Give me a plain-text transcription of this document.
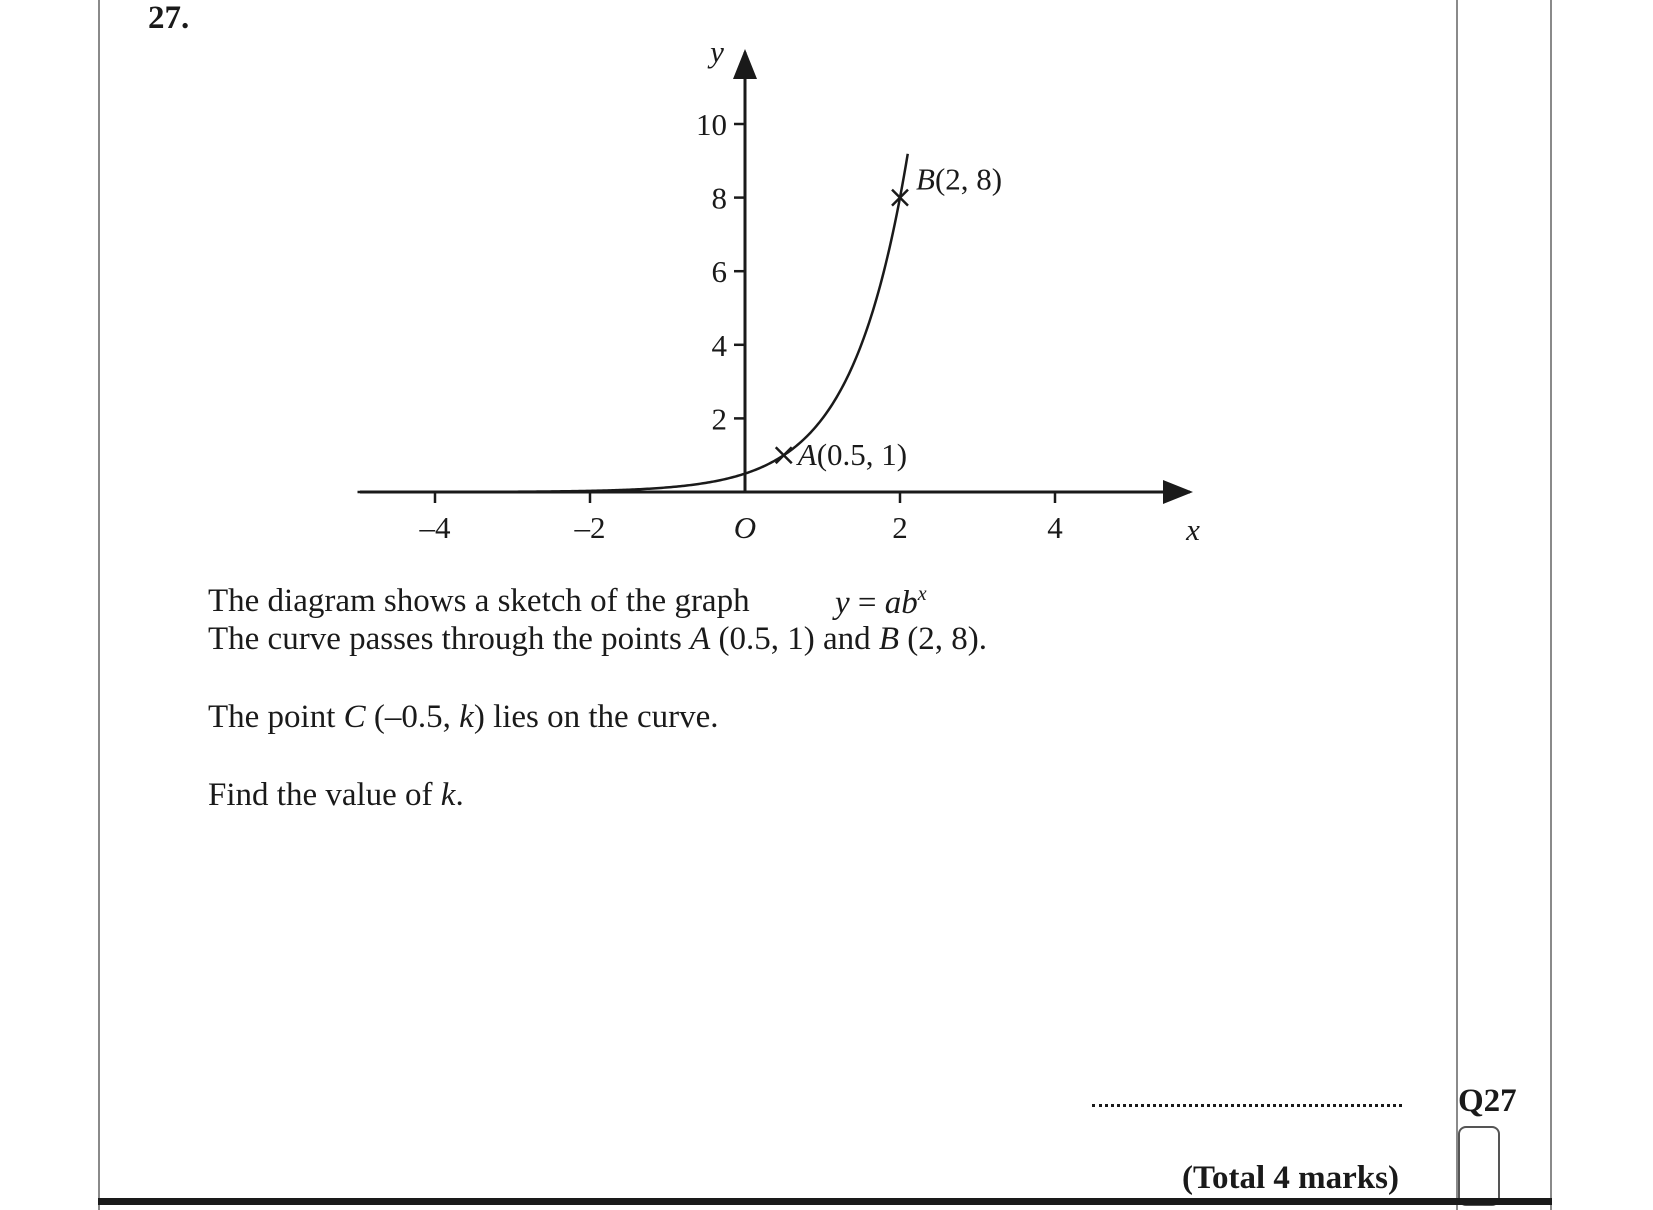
27.
–4	–2	2	4
2
4
6
8
10
A(0.5, 1)
B(2, 8)
x
y
O
The diagram shows a sketch of the graph	$y = ab^x$
The curve passes through the points A (0.5, 1) and B (2, 8).
The point C (–0.5, k) lies on the curve.
Find the value of k.
Q27
(Total 4 marks)
